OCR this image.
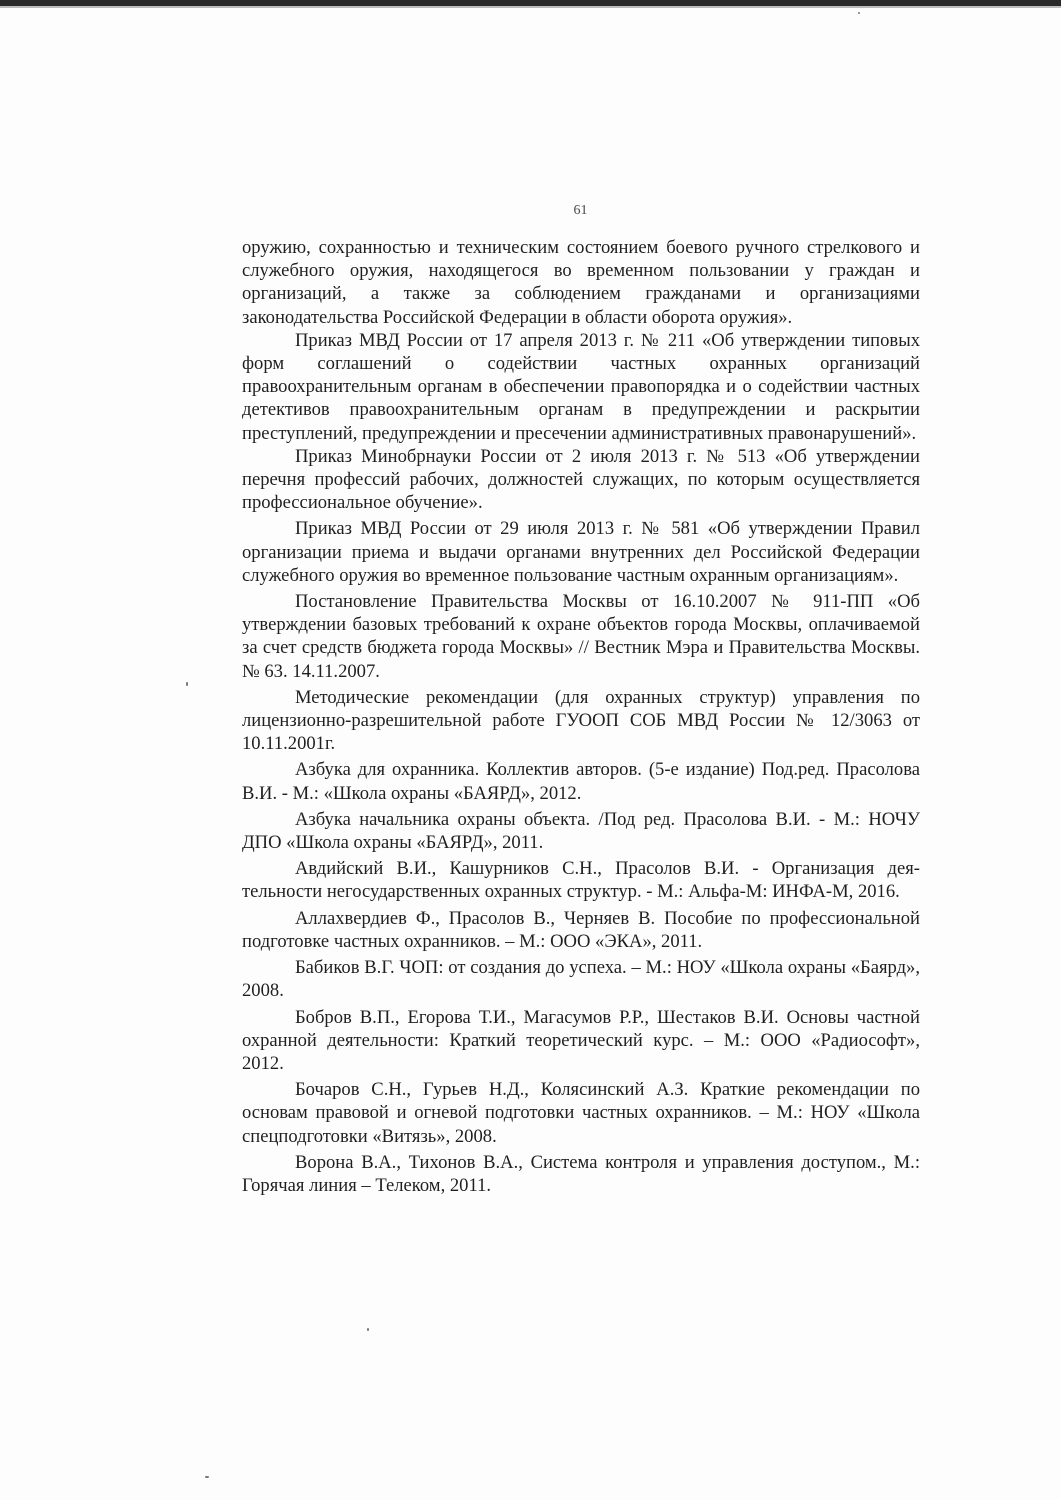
61

оружию, сохранностью и техническим состоянием боевого ручного стрелкового и служебного оружия, находящегося во временном пользовании у граждан и организаций, а также за соблюдением гражданами и организациями законодательства Российской Федерации в области оборота оружия».

Приказ МВД России от 17 апреля 2013 г. № 211 «Об утверждении типовых форм соглашений о содействии частных охранных организаций правоохранительным органам в обеспечении правопорядка и о содействии частных детективов правоохранительным органам в предупреждении и раскрытии преступлений, предупреждении и пресечении административных правонарушений».

Приказ Минобрнауки России от 2 июля 2013 г. № 513 «Об утверждении перечня профессий рабочих, должностей служащих, по которым осуществляется профессиональное обучение».

Приказ МВД России от 29 июля 2013 г. № 581 «Об утверждении Правил организации приема и выдачи органами внутренних дел Российской Федерации служебного оружия во временное пользование частным охранным организациям».

Постановление Правительства Москвы от 16.10.2007 № 911-ПП «Об утверждении базовых требований к охране объектов города Москвы, оплачиваемой за счет средств бюджета города Москвы» // Вестник Мэра и Правительства Москвы. № 63. 14.11.2007.

Методические рекомендации (для охранных структур) управления по лицензионно-разрешительной работе ГУООП СОБ МВД России № 12/3063 от 10.11.2001г.

Азбука для охранника. Коллектив авторов. (5-е издание) Под.ред. Прасолова В.И. - М.: «Школа охраны «БАЯРД», 2012.

Азбука начальника охраны объекта. /Под ред. Прасолова В.И. - М.: НОЧУ ДПО «Школа охраны «БАЯРД», 2011.

Авдийский В.И., Кашурников С.Н., Прасолов В.И. - Организация деятельности негосударственных охранных структур. - М.: Альфа-М: ИНФА-М, 2016.

Аллахвердиев Ф., Прасолов В., Черняев В. Пособие по профессиональной подготовке частных охранников. – М.: ООО «ЭКА», 2011.

Бабиков В.Г. ЧОП: от создания до успеха. – М.: НОУ «Школа охраны «Баярд», 2008.

Бобров В.П., Егорова Т.И., Магасумов Р.Р., Шестаков В.И. Основы частной охранной деятельности: Краткий теоретический курс. – М.: ООО «Радиософт», 2012.

Бочаров С.Н., Гурьев Н.Д., Колясинский А.З. Краткие рекомендации по основам правовой и огневой подготовки частных охранников. – М.: НОУ «Школа спецподготовки «Витязь», 2008.

Ворона В.А., Тихонов В.А., Система контроля и управления доступом., М.: Горячая линия – Телеком, 2011.
